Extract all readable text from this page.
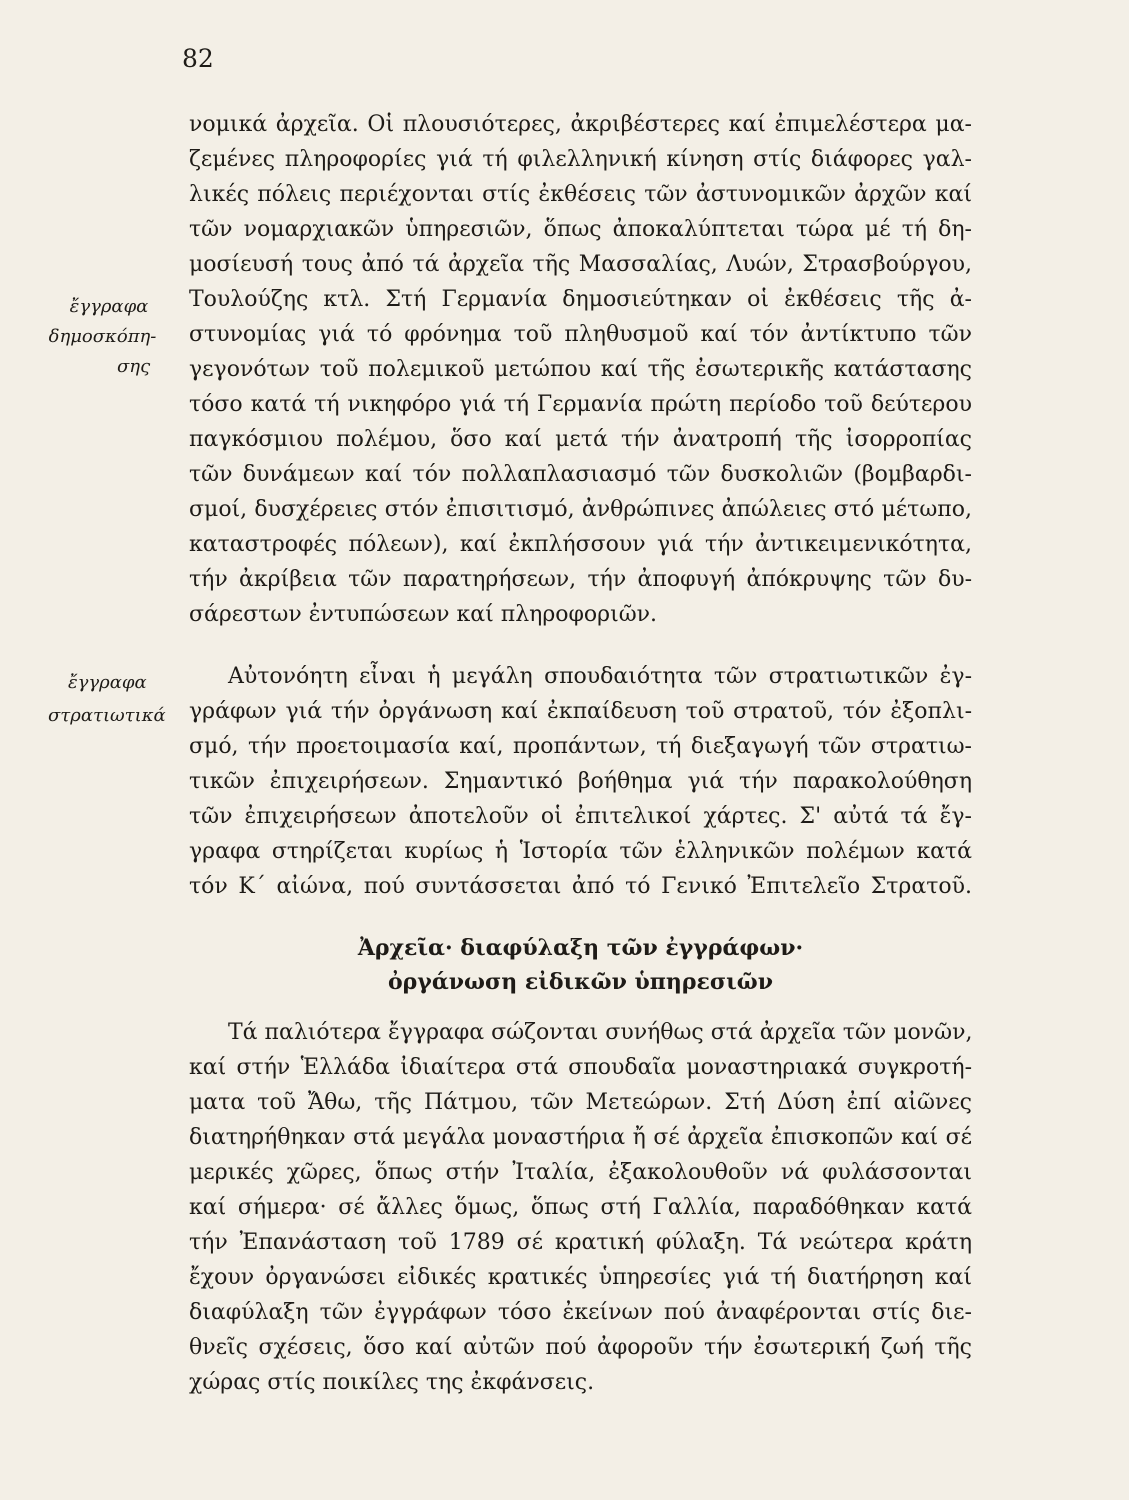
82
ἔγγραφα
δημοσκόπη-
σης
ἔγγραφα
στρατιωτικά
νομικά ἀρχεῖα. Οἱ πλουσιότερες, ἀκριβέστερες καί ἐπιμελέστερα μα-
ζεμένες πληροφορίες γιά τή φιλελληνική κίνηση στίς διάφορες γαλ-
λικές πόλεις περιέχονται στίς ἐκθέσεις τῶν ἀστυνομικῶν ἀρχῶν καί
τῶν νομαρχιακῶν ὑπηρεσιῶν, ὅπως ἀποκαλύπτεται τώρα μέ τή δη-
μοσίευσή τους ἀπό τά ἀρχεῖα τῆς Μασσαλίας, Λυών, Στρασβούργου,
Τουλούζης κτλ. Στή Γερμανία δημοσιεύτηκαν οἱ ἐκθέσεις τῆς ἀ-
στυνομίας γιά τό φρόνημα τοῦ πληθυσμοῦ καί τόν ἀντίκτυπο τῶν
γεγονότων τοῦ πολεμικοῦ μετώπου καί τῆς ἐσωτερικῆς κατάστασης
τόσο κατά τή νικηφόρο γιά τή Γερμανία πρώτη περίοδο τοῦ δεύτερου
παγκόσμιου πολέμου, ὅσο καί μετά τήν ἀνατροπή τῆς ἰσορροπίας
τῶν δυνάμεων καί τόν πολλαπλασιασμό τῶν δυσκολιῶν (βομβαρδι-
σμοί, δυσχέρειες στόν ἐπισιτισμό, ἀνθρώπινες ἀπώλειες στό μέτωπο,
καταστροφές πόλεων), καί ἐκπλήσσουν γιά τήν ἀντικειμενικότητα,
τήν ἀκρίβεια τῶν παρατηρήσεων, τήν ἀποφυγή ἀπόκρυψης τῶν δυ-
σάρεστων ἐντυπώσεων καί πληροφοριῶν.
Αὐτονόητη εἶναι ἡ μεγάλη σπουδαιότητα τῶν στρατιωτικῶν ἐγ-
γράφων γιά τήν ὀργάνωση καί ἐκπαίδευση τοῦ στρατοῦ, τόν ἐξοπλι-
σμό, τήν προετοιμασία καί, προπάντων, τή διεξαγωγή τῶν στρατιω-
τικῶν ἐπιχειρήσεων. Σημαντικό βοήθημα γιά τήν παρακολούθηση
τῶν ἐπιχειρήσεων ἀποτελοῦν οἱ ἐπιτελικοί χάρτες. Σ' αὐτά τά ἔγ-
γραφα στηρίζεται κυρίως ἡ Ἱστορία τῶν ἑλληνικῶν πολέμων κατά
τόν Κ΄ αἰώνα, πού συντάσσεται ἀπό τό Γενικό Ἐπιτελεῖο Στρατοῦ.
Ἀρχεῖα· διαφύλαξη τῶν ἐγγράφων·
ὀργάνωση εἰδικῶν ὑπηρεσιῶν
Τά παλιότερα ἔγγραφα σώζονται συνήθως στά ἀρχεῖα τῶν μονῶν,
καί στήν Ἑλλάδα ἰδιαίτερα στά σπουδαῖα μοναστηριακά συγκροτή-
ματα τοῦ Ἄθω, τῆς Πάτμου, τῶν Μετεώρων. Στή Δύση ἐπί αἰῶνες
διατηρήθηκαν στά μεγάλα μοναστήρια ἤ σέ ἀρχεῖα ἐπισκοπῶν καί σέ
μερικές χῶρες, ὅπως στήν Ἰταλία, ἐξακολουθοῦν νά φυλάσσονται
καί σήμερα· σέ ἄλλες ὅμως, ὅπως στή Γαλλία, παραδόθηκαν κατά
τήν Ἐπανάσταση τοῦ 1789 σέ κρατική φύλαξη. Τά νεώτερα κράτη
ἔχουν ὀργανώσει εἰδικές κρατικές ὑπηρεσίες γιά τή διατήρηση καί
διαφύλαξη τῶν ἐγγράφων τόσο ἐκείνων πού ἀναφέρονται στίς διε-
θνεῖς σχέσεις, ὅσο καί αὐτῶν πού ἀφοροῦν τήν ἐσωτερική ζωή τῆς
χώρας στίς ποικίλες της ἐκφάνσεις.
